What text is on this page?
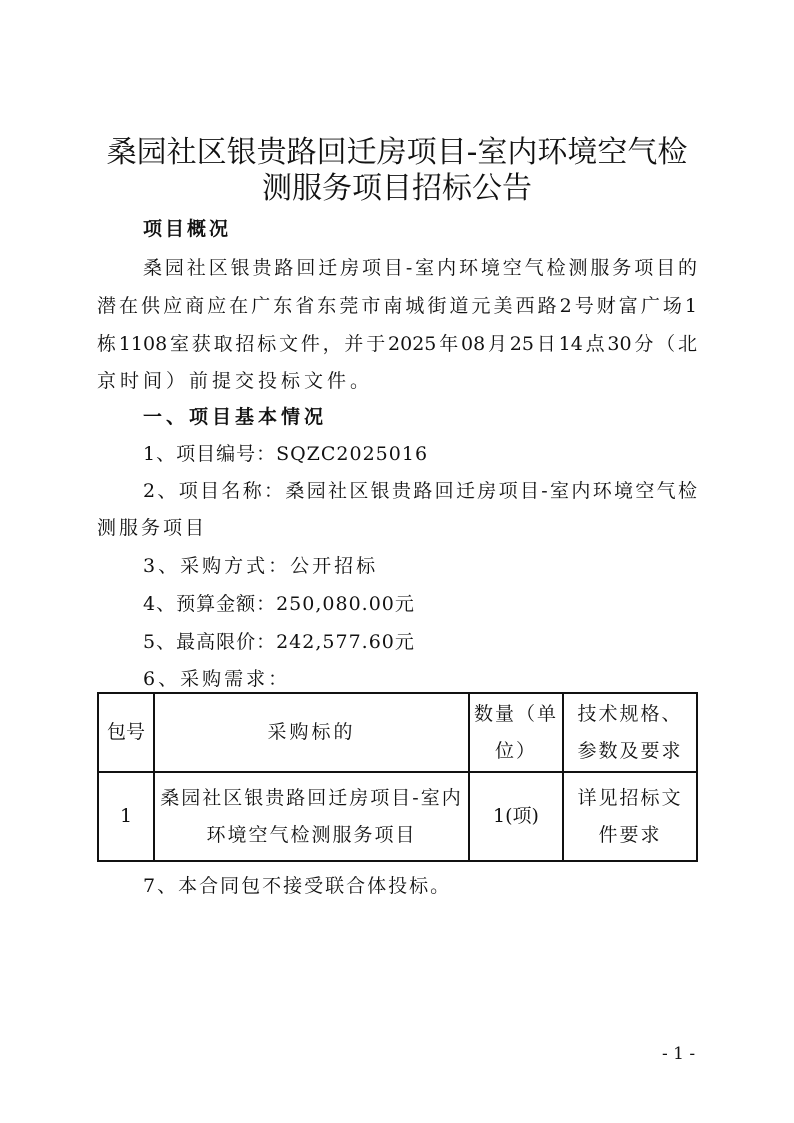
桑园社区银贵路回迁房项目-室内环境空气检
测服务项目招标公告
项目概况
桑园社区银贵路回迁房项目-室内环境空气检测服务项目的
潜在供应商应在广东省东莞市南城街道元美西路2号财富广场1
栋1108室获取招标文件，并于2025年08月25日14点30分（北
京时间）前提交投标文件。
一、项目基本情况
1、项目编号：SQZC2025016
2、项目名称：桑园社区银贵路回迁房项目-室内环境空气检
测服务项目
3、采购方式：公开招标
4、预算金额：250,080.00元
5、最高限价：242,577.60元
6、采购需求：
包号	采购标的	数量（单位）	技术规格、参数及要求
1	桑园社区银贵路回迁房项目-室内环境空气检测服务项目	1(项)	详见招标文件要求
7、本合同包不接受联合体投标。
- 1 -
